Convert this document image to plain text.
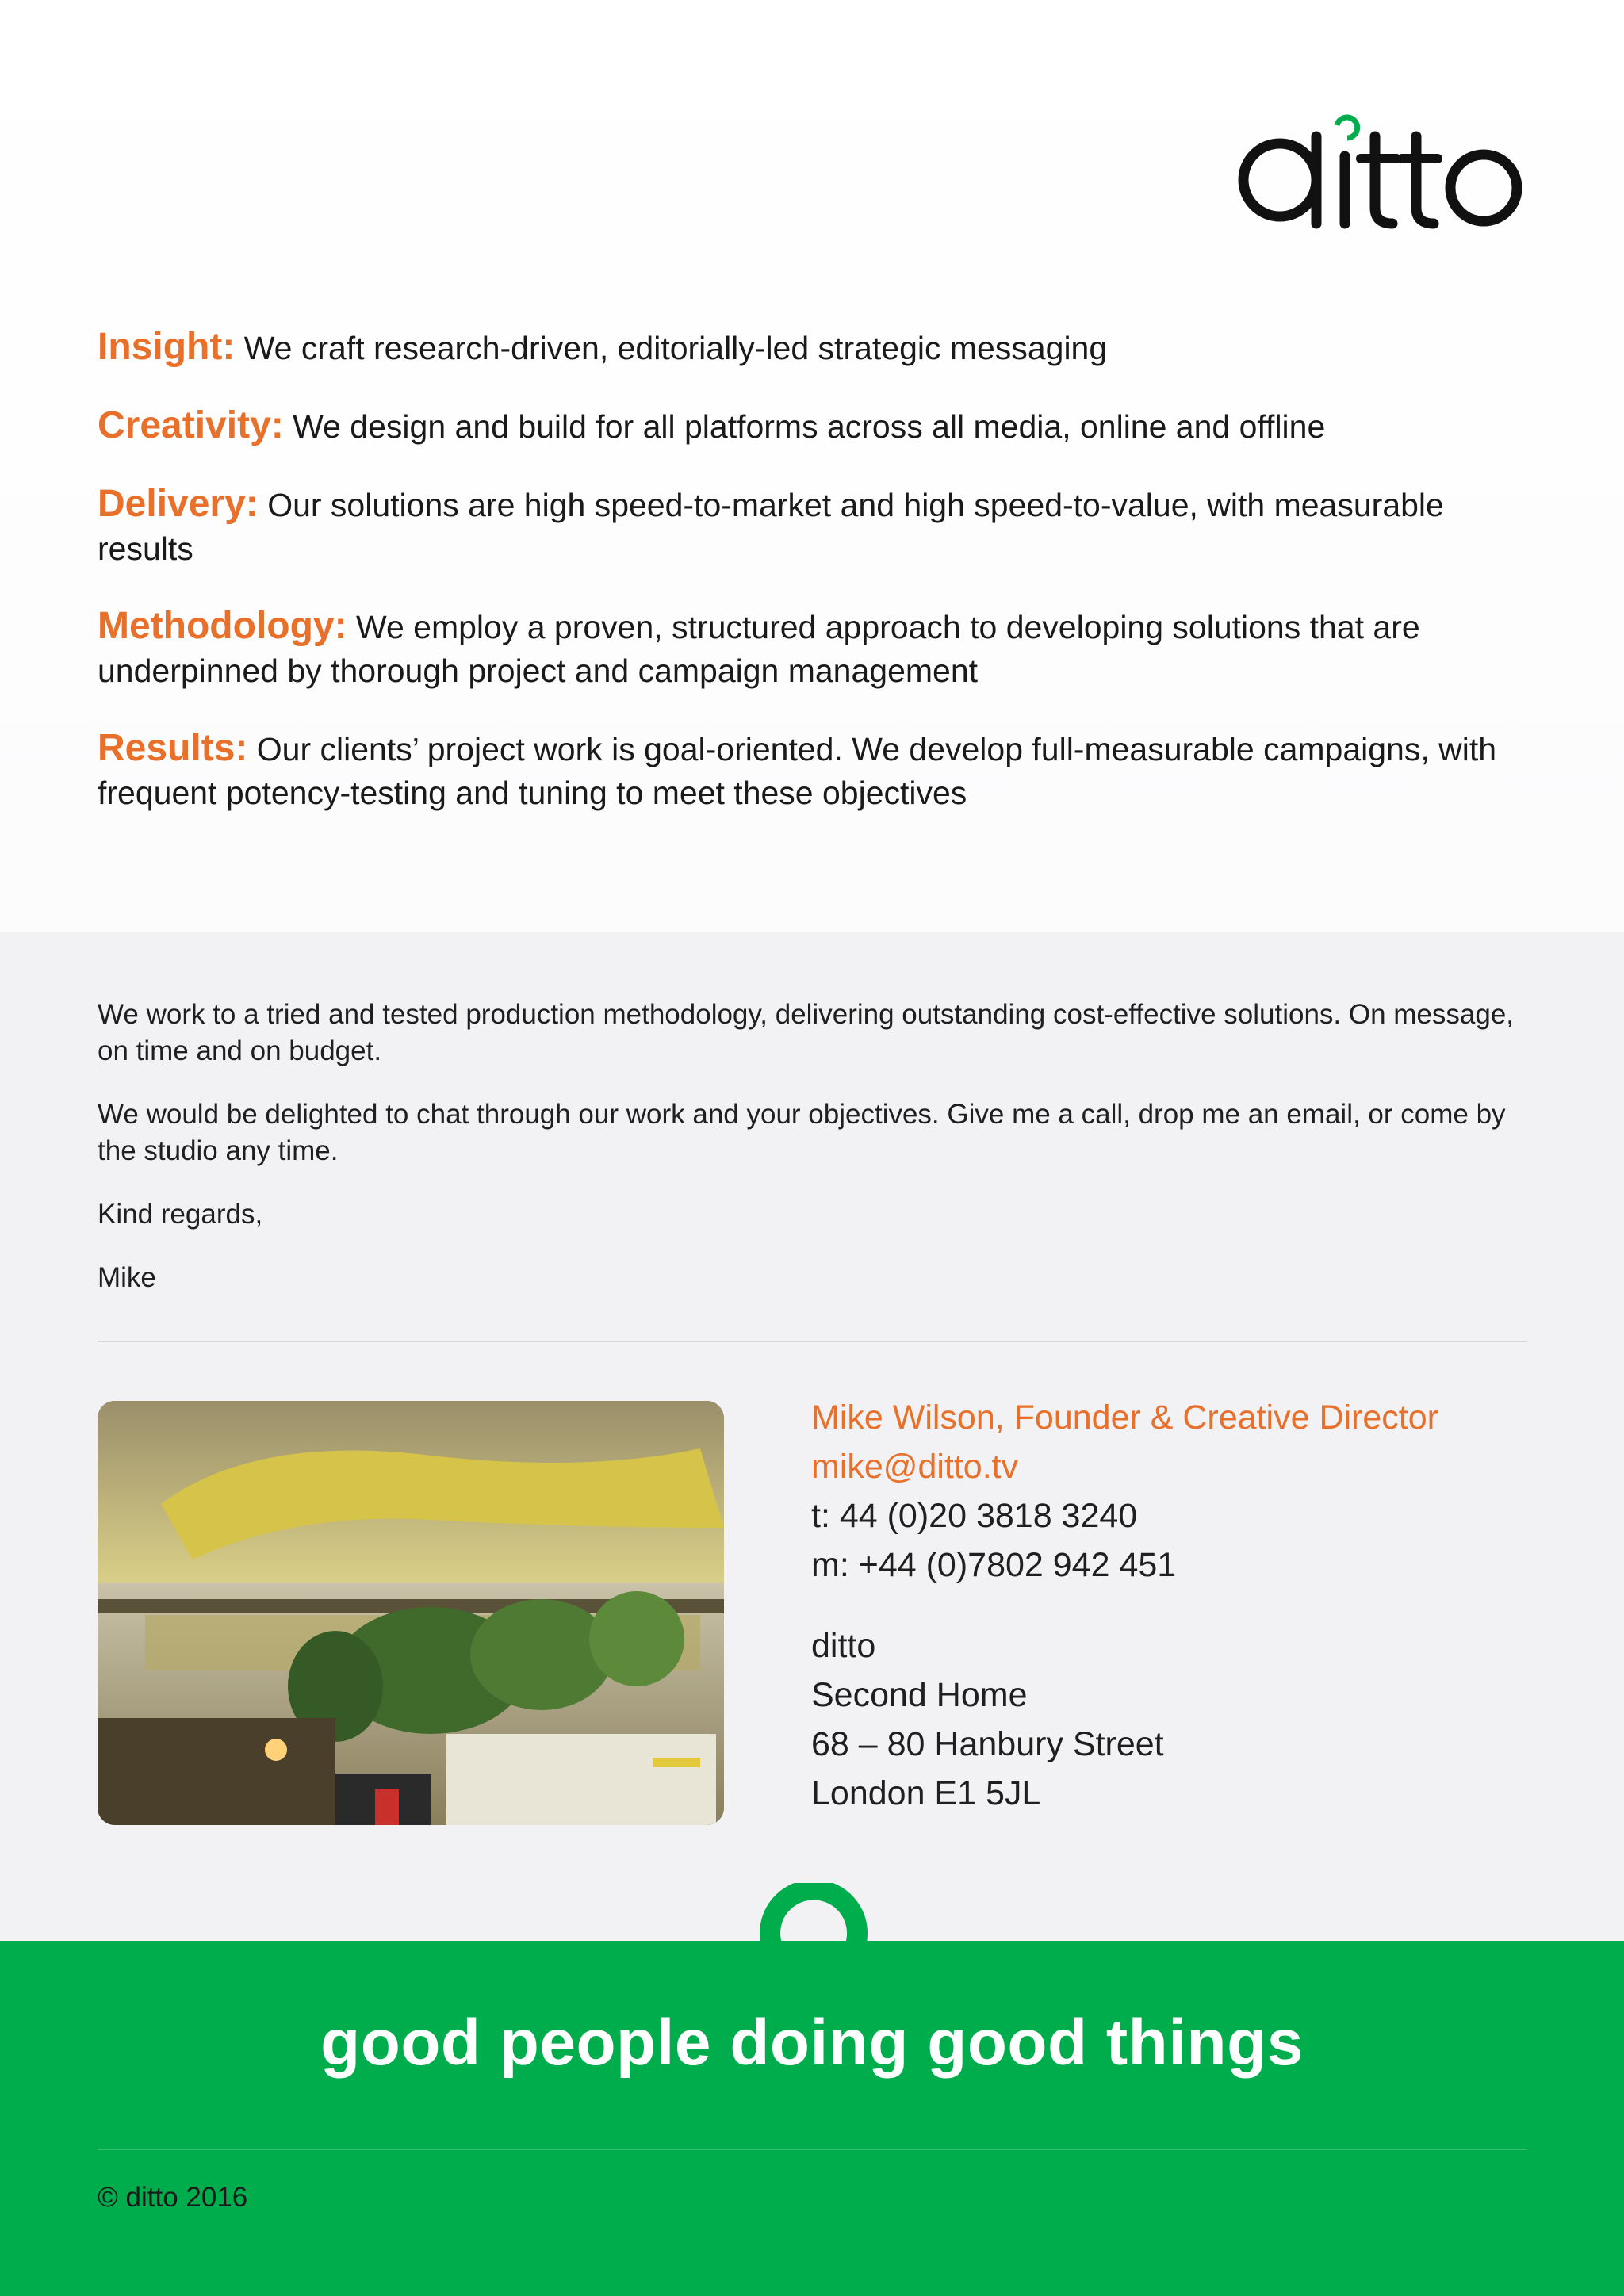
Insight: We craft research-driven, editorially-led strategic messaging

Creativity: We design and build for all platforms across all media, online and offline

Delivery: Our solutions are high speed-to-market and high speed-to-value, with measurable results

Methodology: We employ a proven, structured approach to developing solutions that are underpinned by thorough project and campaign management

Results: Our clients’ project work is goal-oriented. We develop full-measurable campaigns, with frequent potency-testing and tuning to meet these objectives

We work to a tried and tested production methodology, delivering outstanding cost-effective solutions. On message, on time and on budget.

We would be delighted to chat through our work and your objectives. Give me a call, drop me an email, or come by the studio any time.

Kind regards,

Mike

Mike Wilson, Founder & Creative Director
mike@ditto.tv
t: 44 (0)20 3818 3240
m: +44 (0)7802 942 451
ditto
Second Home
68 – 80 Hanbury Street
London E1 5JL
good people doing good things
© ditto 2016
